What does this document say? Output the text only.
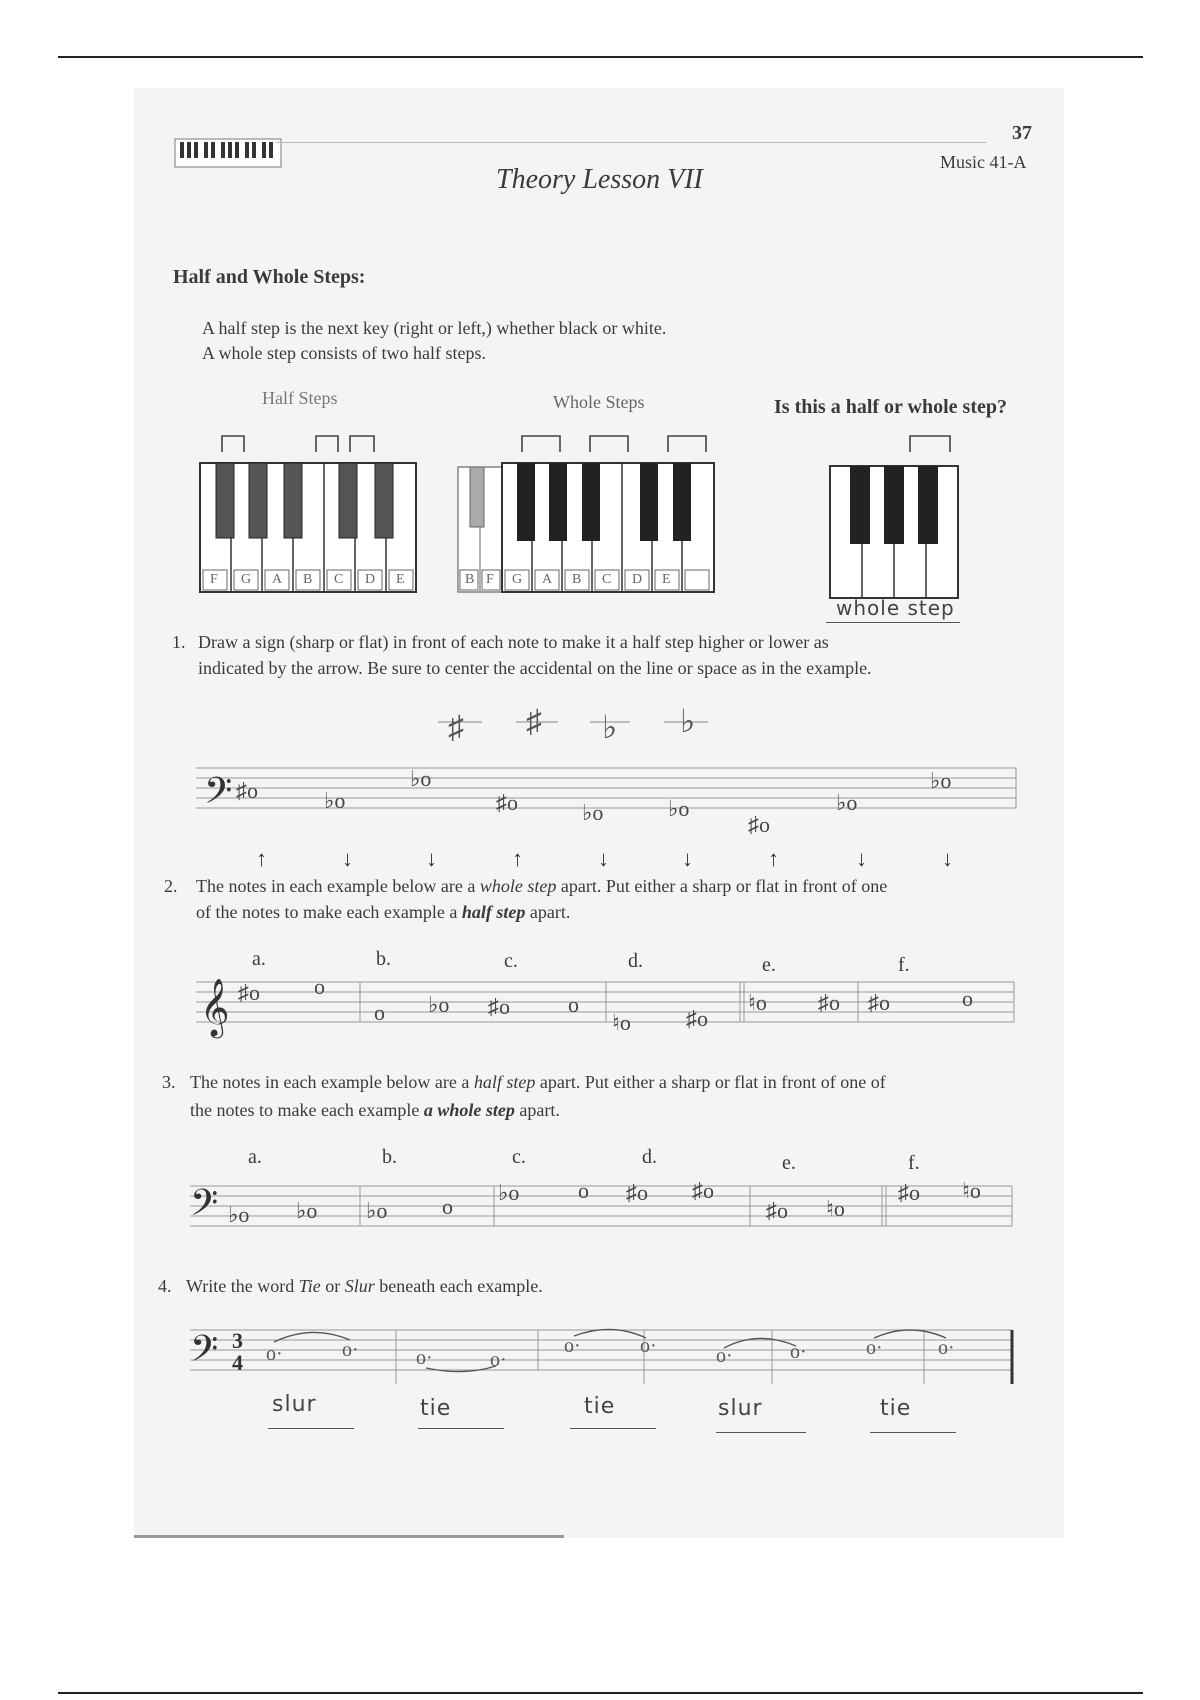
37
Music 41-A
Theory Lesson VII
Half and Whole Steps:
A half step is the next key (right or left,) whether black or white.
A whole step consists of two half steps.
Half Steps	Whole Steps	Is this a half or whole step?
F G A B C D E	B F G A B C D E
whole step
1. Draw a sign (sharp or flat) in front of each note to make it a half step higher or lower as
indicated by the arrow. Be sure to center the accidental on the line or space as in the example.
𝄢 ♯o	♭o
♭o
♯o	♭o	♭o
♯o
♭o
♭o
♯ ♯ ♭ ♭
↑	↓	↓	↑	↓	↓	↑	↓	↓
2. The notes in each example below are a whole step apart. Put either a sharp or flat in front of one
of the notes to make each example a half step apart.
a.	b.	c.	d.	e.	f.
𝄞 ♯o o
o ♭o ♯o	o
♮o	♯o
♮o ♯o ♯o	o
3. The notes in each example below are a half step apart. Put either a sharp or flat in front of one of
the notes to make each example a whole step apart.
a.	b.	c.	d.	e.	f.
𝄢 ♭o ♭o ♭o o
♭o	o ♯o ♯o
♯o ♮o
♯o ♮o
4. Write the word Tie or Slur beneath each example.
𝄢 3
4 o·	o·	o·	o·
o·	o·	o·	o·	o·	o·
slur	tie	tie	slur	tie
